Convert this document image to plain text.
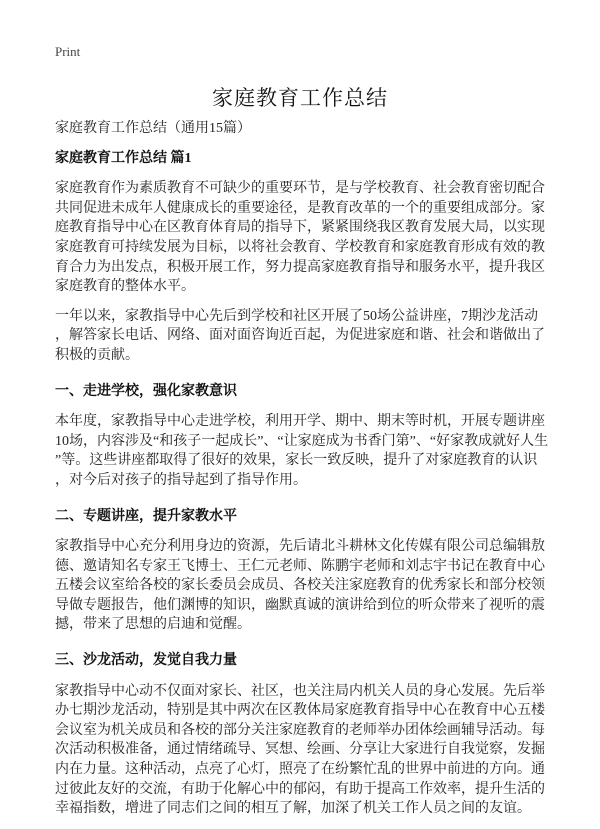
Print
家庭教育工作总结
家庭教育工作总结（通用15篇）
家庭教育工作总结 篇1

家庭教育作为素质教育不可缺少的重要环节，是与学校教育、社会教育密切配合共同促进未成年人健康成长的重要途径，是教育改革的一个的重要组成部分。家庭教育指导中心在区教育体育局的指导下，紧紧围绕我区教育发展大局，以实现家庭教育可持续发展为目标，以将社会教育、学校教育和家庭教育形成有效的教育合力为出发点，积极开展工作，努力提高家庭教育指导和服务水平，提升我区家庭教育的整体水平。

一年以来，家教指导中心先后到学校和社区开展了50场公益讲座，7期沙龙活动，解答家长电话、网络、面对面咨询近百起，为促进家庭和谐、社会和谐做出了积极的贡献。

一、走进学校，强化家教意识

本年度，家教指导中心走进学校，利用开学、期中、期末等时机，开展专题讲座10场，内容涉及“和孩子一起成长”、“让家庭成为书香门第”、“好家教成就好人生”等。这些讲座都取得了很好的效果，家长一致反映，提升了对家庭教育的认识，对今后对孩子的指导起到了指导作用。

二、专题讲座，提升家教水平

家教指导中心充分利用身边的资源，先后请北斗耕林文化传媒有限公司总编辑敖德、邀请知名专家王飞博士、王仁元老师、陈鹏宇老师和刘志宇书记在教育中心五楼会议室给各校的家长委员会成员、各校关注家庭教育的优秀家长和部分校领导做专题报告，他们渊博的知识，幽默真诚的演讲给到位的听众带来了视听的震撼，带来了思想的启迪和觉醒。

三、沙龙活动，发觉自我力量

家教指导中心动不仅面对家长、社区，也关注局内机关人员的身心发展。先后举办七期沙龙活动，特别是其中两次在区教体局家庭教育指导中心在教育中心五楼会议室为机关成员和各校的部分关注家庭教育的老师举办团体绘画辅导活动。每次活动积极准备，通过情绪疏导、冥想、绘画、分享让大家进行自我觉察，发掘内在力量。这种活动，点亮了心灯，照亮了在纷繁忙乱的世界中前进的方向。通过彼此友好的交流，有助于化解心中的郁闷，有助于提高工作效率，提升生活的幸福指数，增进了同志们之间的相互了解，加深了机关工作人员之间的友谊。
